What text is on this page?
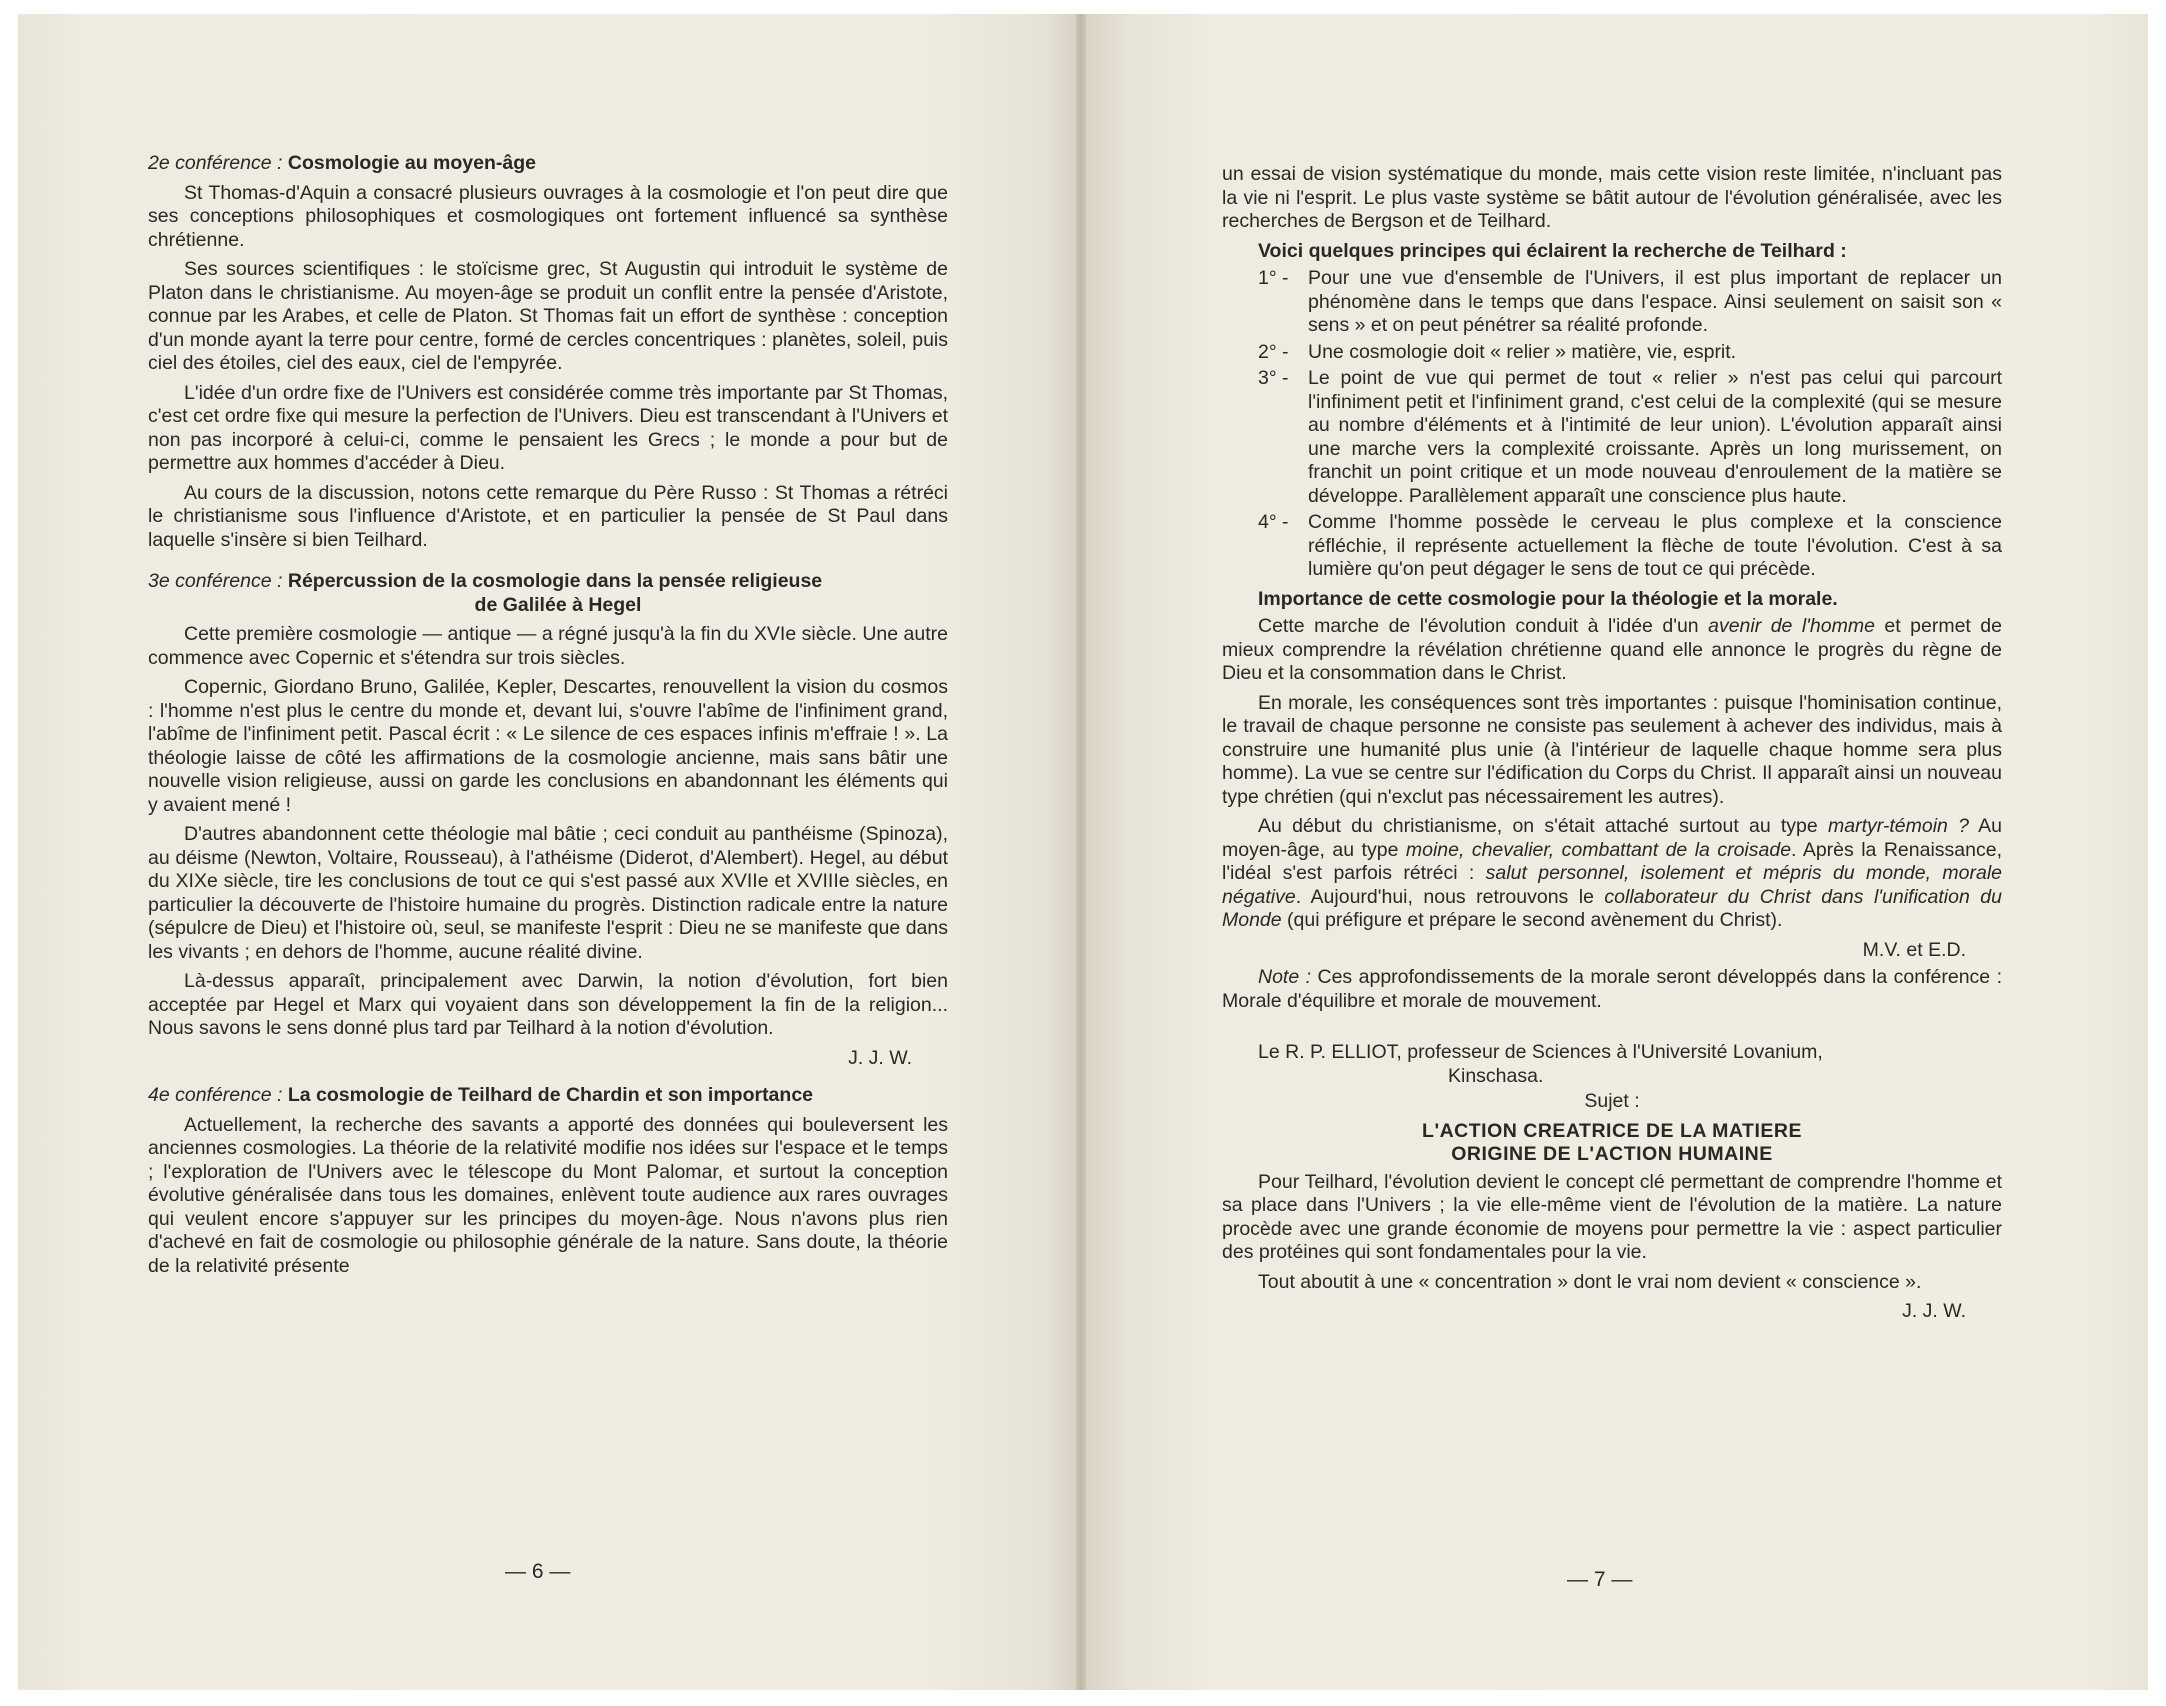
2e conférence : Cosmologie au moyen-âge

St Thomas-d'Aquin a consacré plusieurs ouvrages à la cosmologie et l'on peut dire que ses conceptions philosophiques et cosmologiques ont fortement influencé sa synthèse chrétienne.

Ses sources scientifiques : le stoïcisme grec, St Augustin qui introduit le système de Platon dans le christianisme. Au moyen-âge se produit un conflit entre la pensée d'Aristote, connue par les Arabes, et celle de Platon. St Thomas fait un effort de synthèse : conception d'un monde ayant la terre pour centre, formé de cercles concentriques : planètes, soleil, puis ciel des étoiles, ciel des eaux, ciel de l'empyrée.

L'idée d'un ordre fixe de l'Univers est considérée comme très importante par St Thomas, c'est cet ordre fixe qui mesure la perfection de l'Univers. Dieu est transcendant à l'Univers et non pas incorporé à celui-ci, comme le pensaient les Grecs ; le monde a pour but de permettre aux hommes d'accéder à Dieu.

Au cours de la discussion, notons cette remarque du Père Russo : St Thomas a rétréci le christianisme sous l'influence d'Aristote, et en particulier la pensée de St Paul dans laquelle s'insère si bien Teilhard.

3e conférence : Répercussion de la cosmologie dans la pensée religieuse
de Galilée à Hegel

Cette première cosmologie — antique — a régné jusqu'à la fin du XVIe siècle. Une autre commence avec Copernic et s'étendra sur trois siècles.

Copernic, Giordano Bruno, Galilée, Kepler, Descartes, renouvellent la vision du cosmos : l'homme n'est plus le centre du monde et, devant lui, s'ouvre l'abîme de l'infiniment grand, l'abîme de l'infiniment petit. Pascal écrit : « Le silence de ces espaces infinis m'effraie ! ». La théologie laisse de côté les affirmations de la cosmologie ancienne, mais sans bâtir une nouvelle vision religieuse, aussi on garde les conclusions en abandonnant les éléments qui y avaient mené !

D'autres abandonnent cette théologie mal bâtie ; ceci conduit au panthéisme (Spinoza), au déisme (Newton, Voltaire, Rousseau), à l'athéisme (Diderot, d'Alembert). Hegel, au début du XIXe siècle, tire les conclusions de tout ce qui s'est passé aux XVIIe et XVIIIe siècles, en particulier la découverte de l'histoire humaine du progrès. Distinction radicale entre la nature (sépulcre de Dieu) et l'histoire où, seul, se manifeste l'esprit : Dieu ne se manifeste que dans les vivants ; en dehors de l'homme, aucune réalité divine.

Là-dessus apparaît, principalement avec Darwin, la notion d'évolution, fort bien acceptée par Hegel et Marx qui voyaient dans son développement la fin de la religion... Nous savons le sens donné plus tard par Teilhard à la notion d'évolution.

J. J. W.

4e conférence : La cosmologie de Teilhard de Chardin et son importance

Actuellement, la recherche des savants a apporté des données qui bouleversent les anciennes cosmologies. La théorie de la relativité modifie nos idées sur l'espace et le temps ; l'exploration de l'Univers avec le télescope du Mont Palomar, et surtout la conception évolutive généralisée dans tous les domaines, enlèvent toute audience aux rares ouvrages qui veulent encore s'appuyer sur les principes du moyen-âge. Nous n'avons plus rien d'achevé en fait de cosmologie ou philosophie générale de la nature. Sans doute, la théorie de la relativité présente

— 6 —

un essai de vision systématique du monde, mais cette vision reste limitée, n'incluant pas la vie ni l'esprit. Le plus vaste système se bâtit autour de l'évolution généralisée, avec les recherches de Bergson et de Teilhard.

Voici quelques principes qui éclairent la recherche de Teilhard :
1° - Pour une vue d'ensemble de l'Univers, il est plus important de replacer un phénomène dans le temps que dans l'espace. Ainsi seulement on saisit son « sens » et on peut pénétrer sa réalité profonde.
2° - Une cosmologie doit « relier » matière, vie, esprit.
3° - Le point de vue qui permet de tout « relier » n'est pas celui qui parcourt l'infiniment petit et l'infiniment grand, c'est celui de la complexité (qui se mesure au nombre d'éléments et à l'intimité de leur union). L'évolution apparaît ainsi une marche vers la complexité croissante. Après un long murissement, on franchit un point critique et un mode nouveau d'enroulement de la matière se développe. Parallèlement apparaît une conscience plus haute.
4° - Comme l'homme possède le cerveau le plus complexe et la conscience réfléchie, il représente actuellement la flèche de toute l'évolution. C'est à sa lumière qu'on peut dégager le sens de tout ce qui précède.
Importance de cette cosmologie pour la théologie et la morale.

Cette marche de l'évolution conduit à l'idée d'un avenir de l'homme et permet de mieux comprendre la révélation chrétienne quand elle annonce le progrès du règne de Dieu et la consommation dans le Christ.

En morale, les conséquences sont très importantes : puisque l'hominisation continue, le travail de chaque personne ne consiste pas seulement à achever des individus, mais à construire une humanité plus unie (à l'intérieur de laquelle chaque homme sera plus homme). La vue se centre sur l'édification du Corps du Christ. Il apparaît ainsi un nouveau type chrétien (qui n'exclut pas nécessairement les autres).

Au début du christianisme, on s'était attaché surtout au type martyr-témoin ? Au moyen-âge, au type moine, chevalier, combattant de la croisade. Après la Renaissance, l'idéal s'est parfois rétréci : salut personnel, isolement et mépris du monde, morale négative. Aujourd'hui, nous retrouvons le collaborateur du Christ dans l'unification du Monde (qui préfigure et prépare le second avènement du Christ).

M.V. et E.D.

Note : Ces approfondissements de la morale seront développés dans la conférence : Morale d'équilibre et morale de mouvement.

Le R. P. ELLIOT, professeur de Sciences à l'Université Lovanium,
Kinschasa.

Sujet :

L'ACTION CREATRICE DE LA MATIERE
ORIGINE DE L'ACTION HUMAINE

Pour Teilhard, l'évolution devient le concept clé permettant de comprendre l'homme et sa place dans l'Univers ; la vie elle-même vient de l'évolution de la matière. La nature procède avec une grande économie de moyens pour permettre la vie : aspect particulier des protéines qui sont fondamentales pour la vie.

Tout aboutit à une « concentration » dont le vrai nom devient « conscience ».

J. J. W.

— 7 —
